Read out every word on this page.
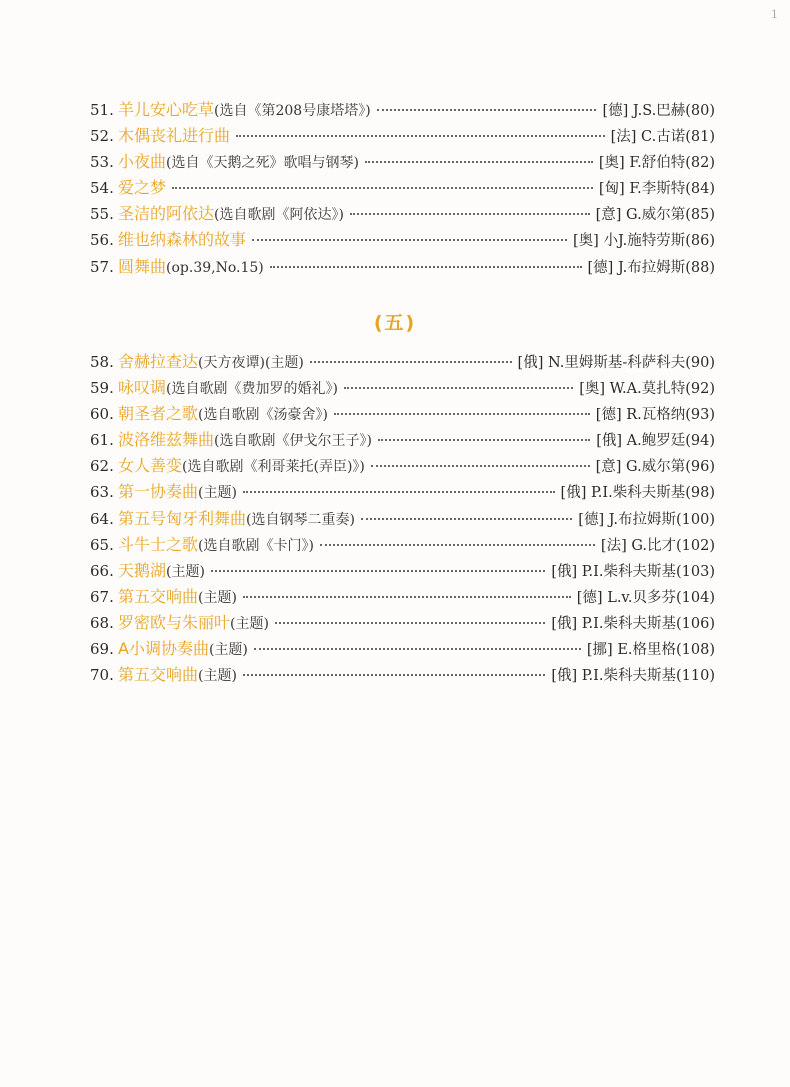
1
51. 羊儿安心吃草 (选自《第208号康塔塔》)	[德] J.S.巴赫(80)
52. 木偶丧礼进行曲	[法] C.古诺(81)
53. 小夜曲 (选自《天鹅之死》歌唱与钢琴)	[奥] F.舒伯特(82)
54. 爱之梦	[匈] F.李斯特(84)
55. 圣洁的阿依达 (选自歌剧《阿依达》)	[意] G.威尔第(85)
56. 维也纳森林的故事	[奥] 小J.施特劳斯(86)
57. 圆舞曲 (op.39,No.15)	[德] J.布拉姆斯(88)
(五)
58. 舍赫拉查达 (天方夜谭)(主题)	[俄] N.里姆斯基-科萨科夫(90)
59. 咏叹调 (选自歌剧《费加罗的婚礼》)	[奥] W.A.莫扎特(92)
60. 朝圣者之歌 (选自歌剧《汤豪舍》)	[德] R.瓦格纳(93)
61. 波洛维兹舞曲 (选自歌剧《伊戈尔王子》)	[俄] A.鲍罗廷(94)
62. 女人善变 (选自歌剧《利哥莱托(弄臣)》)	[意] G.威尔第(96)
63. 第一协奏曲 (主题)	[俄] P.I.柴科夫斯基(98)
64. 第五号匈牙利舞曲 (选自钢琴二重奏)	[德] J.布拉姆斯(100)
65. 斗牛士之歌 (选自歌剧《卡门》)	[法] G.比才(102)
66. 天鹅湖 (主题)	[俄] P.I.柴科夫斯基(103)
67. 第五交响曲 (主题)	[德] L.v.贝多芬(104)
68. 罗密欧与朱丽叶 (主题)	[俄] P.I.柴科夫斯基(106)
69. A小调协奏曲 (主题)	[挪] E.格里格(108)
70. 第五交响曲 (主题)	[俄] P.I.柴科夫斯基(110)
